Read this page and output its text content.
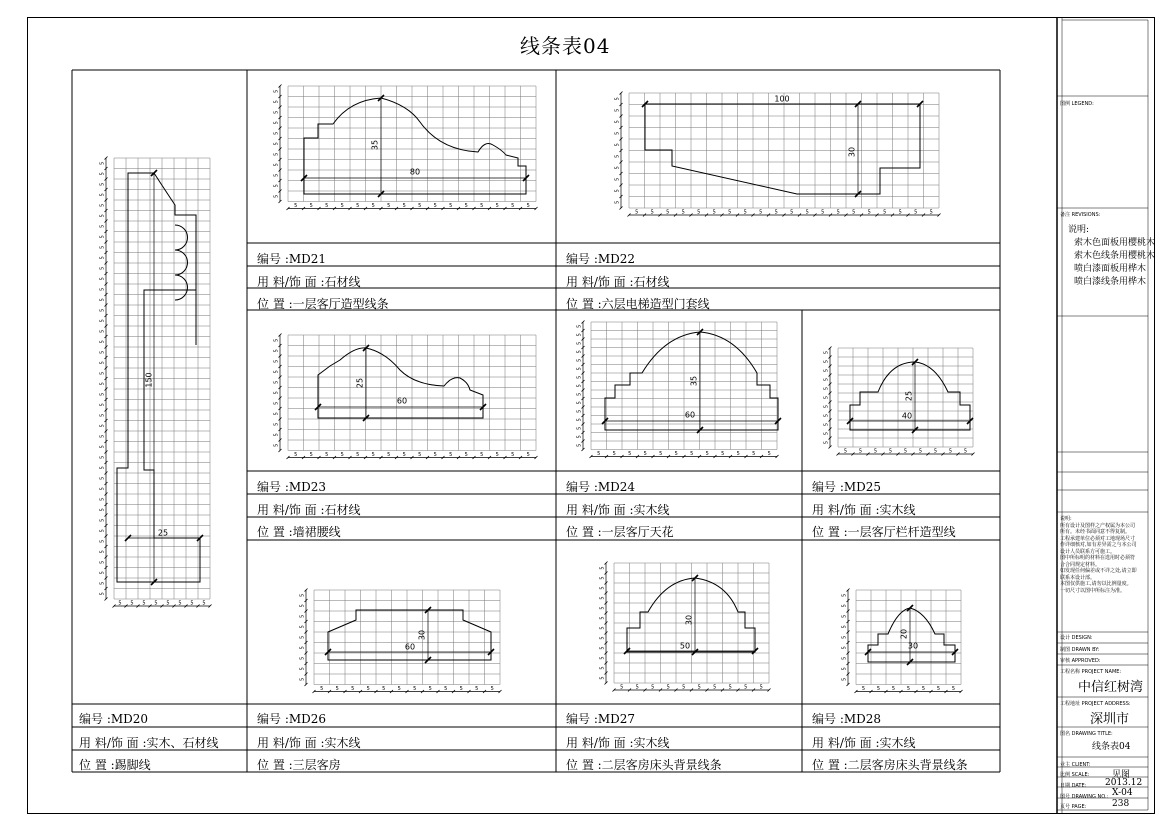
5 5 5 5 5 5 5 5
5
5
5
5
5
5
5
5
5
5
5
5
5
5
5
5
5
5
5
5
5
5
5
5
5
5
5
5
5
5
5
5
5
5
5
5
5
5
5
5
5
5
150
25
5 5 5 5 5 5 5 5 5 5 5 5 5 5 5 5
5
5
5
5
5
5
5
5
5
5
5
35
80
5 5 5 5 5 5 5 5 5 5 5 5 5 5 5 5 5 5 5 5
5
5
5
5
5
5
5
5
5
5
100
30
5 5 5 5 5 5 5 5 5 5 5 5 5 5 5 5
5
5
5
5
5
5
5
5
5
5
5
25
60
5 5 5 5 5 5 5 5 5 5 5 5
5
5
5
5
5
5
5
5
5
5
5
5
5
5
5
35
60
5 5 5 5 5 5 5 5 5
5
5
5
5
5
5
5
5
5
5
5
25
40
5 5 5 5 5 5 5 5 5 5 5 5
5
5
5
5
5
5
5
5
5
30
60
5 5 5 5 5 5 5 5 5 5
5
5
5
5
5
5
5
5
5
5
5
5
30
50
5 5 5 5 5 5 5
5
5
5
5
5
5
5
5
5
20
30
线条表04
图例 LEGEND:
备注 REVISIONS:
说明:
索木色面板用樱桃木
索木色线条用樱桃木
喷白漆面板用桦木
喷白漆线条用桦木
说明:
所有设计及图样之产权属为本公司
所有。未经书面同意不得复制。
工程承建单位必须对工地现场尺寸
作详细核对,如有差异需之与本公司
设计人员联系方可施工。
图中所标明的材料在选用时必须符
合合同规定材料。
如发现任何偏差或不详之处,请立即
联系本设计部。
本图仅供施工,请勿以比例量度。
一切尺寸以图中所标注为准。
设计 DESIGN:
制图 DRAWN BY:
审核 APPROVED:
工程名称 PROJECT NAME:
中信红树湾
工程地址 PROJECT ADDRESS:
深圳市
图名 DRAWING TITLE:
线条表04
业主 CLIENT:
比例 SCALE:	见图
日期 DATE: 2013.12
图号 DRAWING NO.: X-04
页号 PAGE:	238
编号 :MD20
用 料/饰 面 :实木、石材线
位 置 :踢脚线
编号 :MD21
用 料/饰 面 :石材线
位 置 :一层客厅造型线条
编号 :MD22
用 料/饰 面 :石材线
位 置 :六层电梯造型门套线
编号 :MD23
用 料/饰 面 :石材线
位 置 :墙裙腰线
编号 :MD24
用 料/饰 面 :实木线
位 置 :一层客厅天花
编号 :MD25
用 料/饰 面 :实木线
位 置 :一层客厅栏杆造型线
编号 :MD26
用 料/饰 面 :实木线
位 置 :三层客房
编号 :MD27
用 料/饰 面 :实木线
位 置 :二层客房床头背景线条
编号 :MD28
用 料/饰 面 :实木线
位 置 :二层客房床头背景线条
